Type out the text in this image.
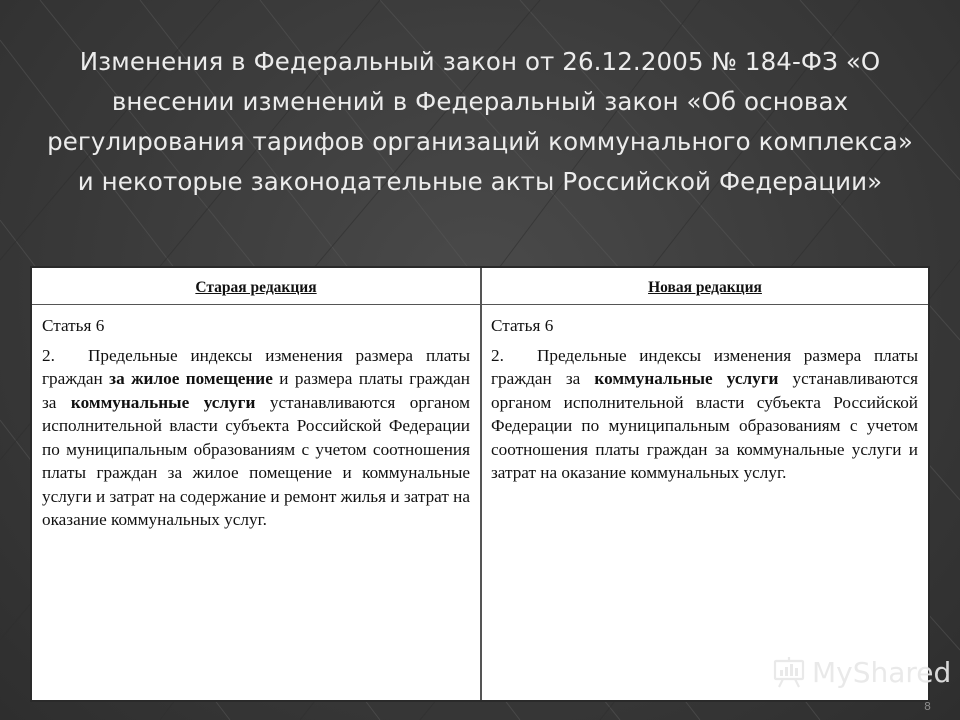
Изменения в Федеральный закон от 26.12.2005 № 184-ФЗ «О внесении изменений в Федеральный закон «Об основах регулирования тарифов организаций коммунального комплекса» и некоторые законодательные акты Российской Федерации»
Старая редакция	Новая редакция

Статья 6

2. Предельные индексы изменения размера платы граждан за жилое помещение и размера платы граждан за коммунальные услуги устанавливаются органом исполнительной власти субъекта Российской Федерации по муниципальным образованиям с учетом соотношения платы граждан за жилое помещение и коммунальные услуги и затрат на содержание и ремонт жилья и затрат на оказание коммунальных услуг.

Статья 6

2. Предельные индексы изменения размера платы граждан за коммунальные услуги устанавливаются органом исполнительной власти субъекта Российской Федерации по муниципальным образованиям с учетом соотношения платы граждан за коммунальные услуги и затрат на оказание коммунальных услуг.

MyShared
8
